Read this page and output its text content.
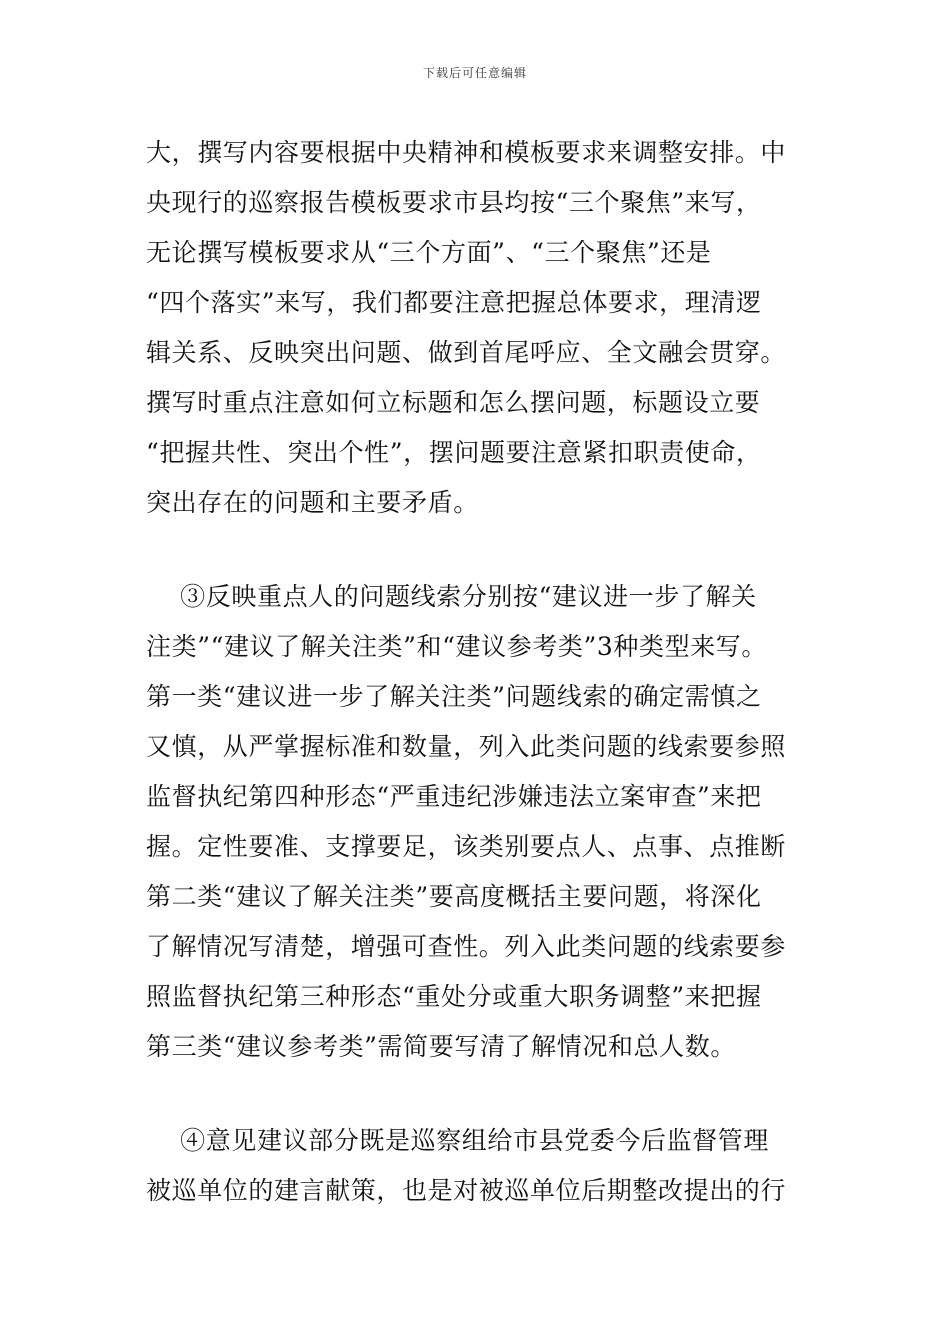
下载后可任意编辑
大，撰写内容要根据中央精神和模板要求来调整安排。中
央现行的巡察报告模板要求市县均按“三个聚焦”来写，
无论撰写模板要求从“三个方面”、“三个聚焦”还是
“四个落实”来写，我们都要注意把握总体要求，理清逻
辑关系、反映突出问题、做到首尾呼应、全文融会贯穿。
撰写时重点注意如何立标题和怎么摆问题，标题设立要
“把握共性、突出个性”，摆问题要注意紧扣职责使命，
突出存在的问题和主要矛盾。
③反映重点人的问题线索分别按“建议进一步了解关
注类”“建议了解关注类”和“建议参考类”3种类型来写。
第一类“建议进一步了解关注类”问题线索的确定需慎之
又慎，从严掌握标准和数量，列入此类问题的线索要参照
监督执纪第四种形态“严重违纪涉嫌违法立案审查”来把
握。定性要准、支撑要足，该类别要点人、点事、点推断
第二类“建议了解关注类”要高度概括主要问题，将深化
了解情况写清楚，增强可查性。列入此类问题的线索要参
照监督执纪第三种形态“重处分或重大职务调整”来把握
第三类“建议参考类”需简要写清了解情况和总人数。
④意见建议部分既是巡察组给市县党委今后监督管理
被巡单位的建言献策，也是对被巡单位后期整改提出的行
